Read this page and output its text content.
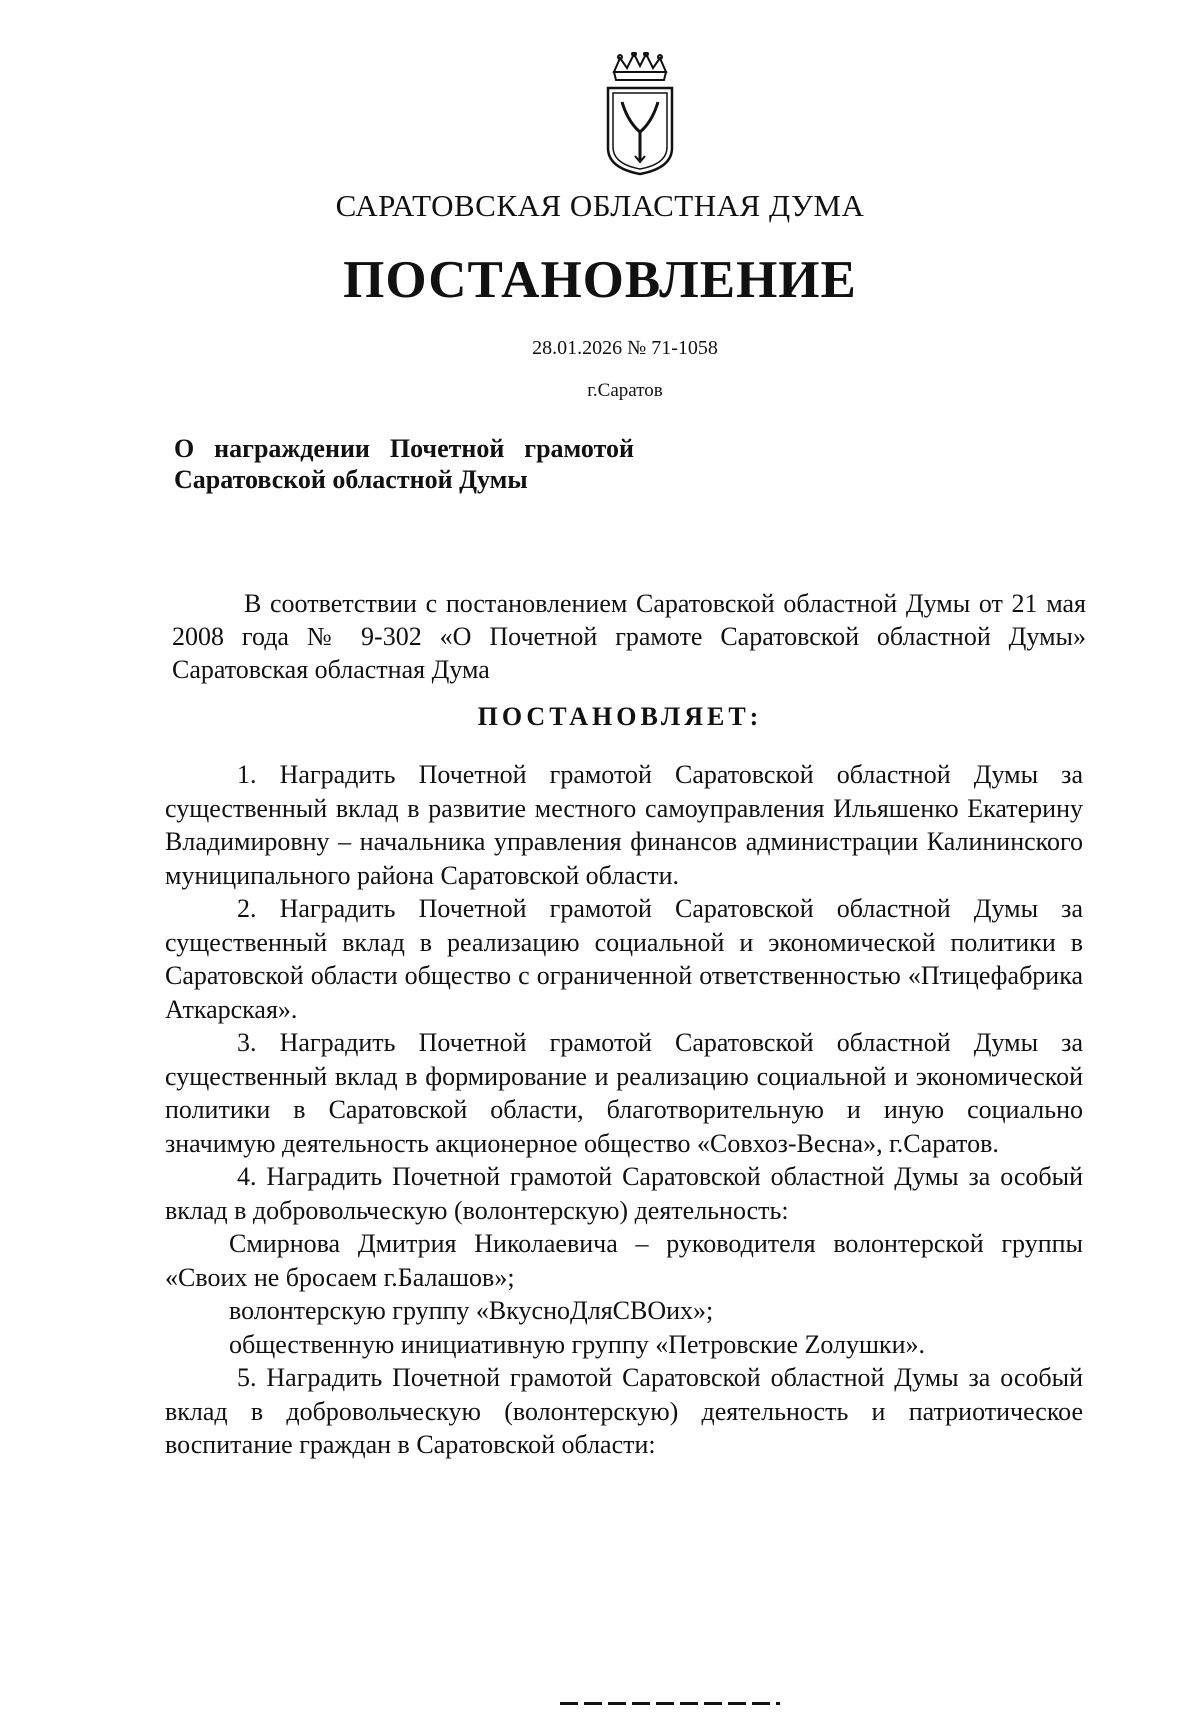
САРАТОВСКАЯ ОБЛАСТНАЯ ДУМА
ПОСТАНОВЛЕНИЕ
28.01.2026 № 71-1058
г.Саратов
О награждении Почетной грамотой Саратовской областной Думы
В соответствии с постановлением Саратовской областной Думы от 21 мая 2008 года № 9-302 «О Почетной грамоте Саратовской областной Думы» Саратовская областная Дума
ПОСТАНОВЛЯЕТ:

1. Наградить Почетной грамотой Саратовской областной Думы за существенный вклад в развитие местного самоуправления Ильяшенко Екатерину Владимировну – начальника управления финансов администрации Калининского муниципального района Саратовской области.

2. Наградить Почетной грамотой Саратовской областной Думы за существенный вклад в реализацию социальной и экономической политики в Саратовской области общество с ограниченной ответственностью «Птицефабрика Аткарская».

3. Наградить Почетной грамотой Саратовской областной Думы за существенный вклад в формирование и реализацию социальной и экономической политики в Саратовской области, благотворительную и иную социально значимую деятельность акционерное общество «Совхоз-Весна», г.Саратов.

4. Наградить Почетной грамотой Саратовской областной Думы за особый вклад в добровольческую (волонтерскую) деятельность:

Смирнова Дмитрия Николаевича – руководителя волонтерской группы «Своих не бросаем г.Балашов»;

волонтерскую группу «ВкусноДляСВОих»;

общественную инициативную группу «Петровские Zолушки».

5. Наградить Почетной грамотой Саратовской областной Думы за особый вклад в добровольческую (волонтерскую) деятельность и патриотическое воспитание граждан в Саратовской области:
